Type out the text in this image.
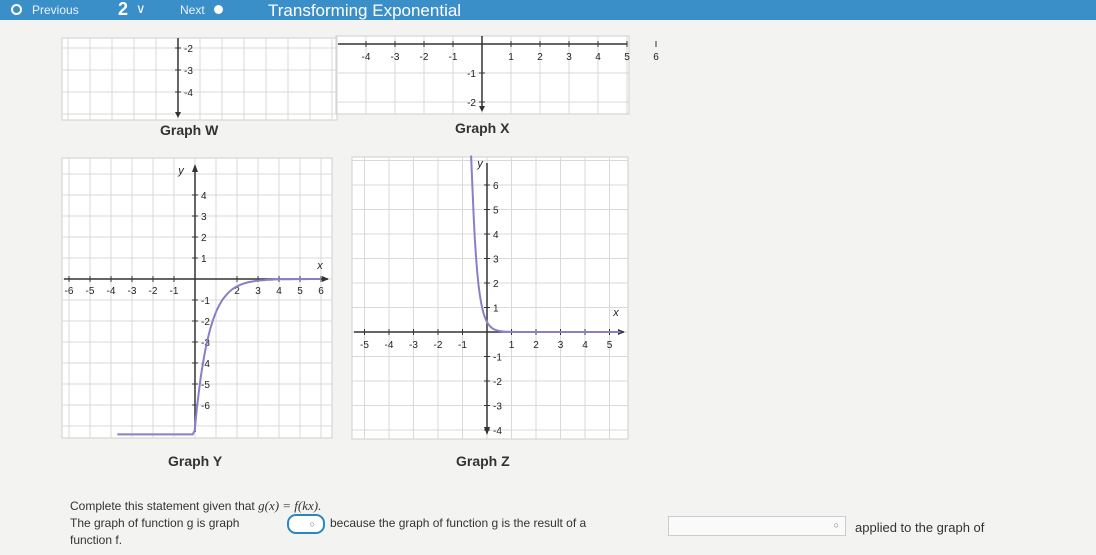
Previous 2 ∨	Next	Transforming Exponential
-2
-3
-4
Graph W
-4 -3 -2 -1	1 2 3 4 5 6
-1
-2
Graph X
y
x
-6 -5 -4 -3 -2 -1	2 3 4 5 6
4
3
2
1
-1
-2
-3
-4
-5
-6
Graph Y
y
x
-5 -4 -3 -2 -1	1 2 3 4 5
6
5
4
3
2
1
-1
-2
-3
-4
Graph Z
Complete this statement given that g(x) = f(kx).
The graph of function g is graph	○ because the graph of function g is the result of a	○ applied to the graph of
function f.
